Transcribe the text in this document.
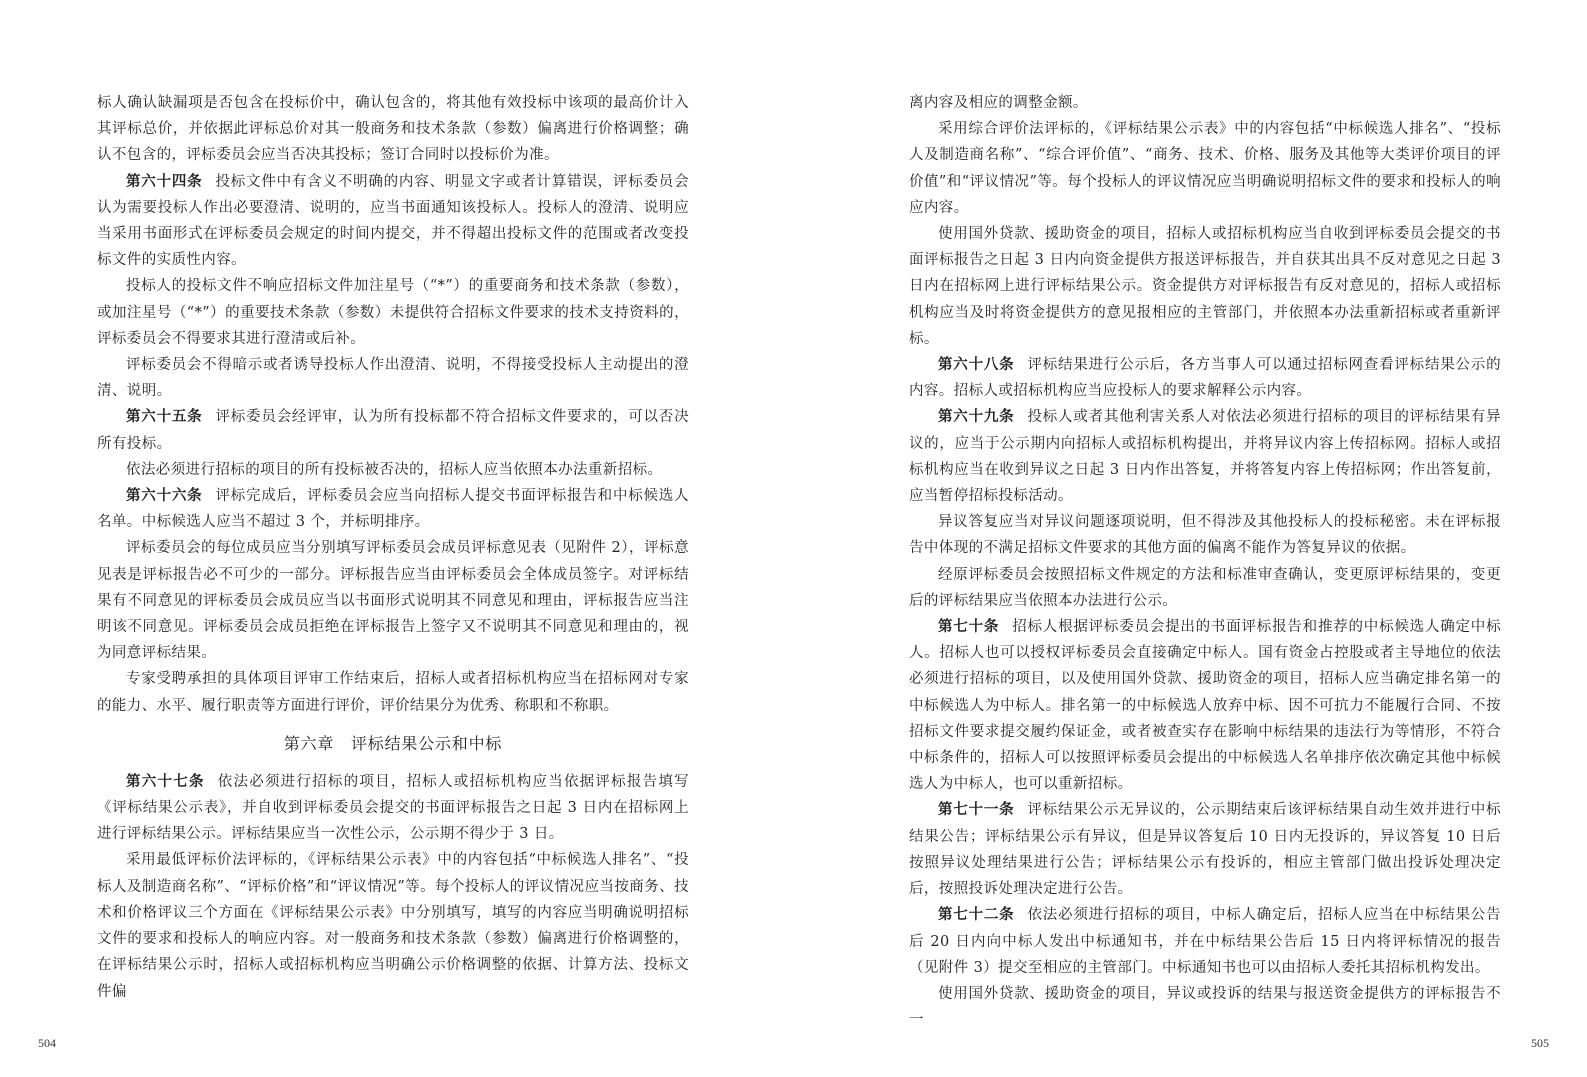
标人确认缺漏项是否包含在投标价中，确认包含的，将其他有效投标中该项的最高价计入其评标总价，并依据此评标总价对其一般商务和技术条款（参数）偏离进行价格调整；确认不包含的，评标委员会应当否决其投标；签订合同时以投标价为准。

第六十四条 投标文件中有含义不明确的内容、明显文字或者计算错误，评标委员会认为需要投标人作出必要澄清、说明的，应当书面通知该投标人。投标人的澄清、说明应当采用书面形式在评标委员会规定的时间内提交，并不得超出投标文件的范围或者改变投标文件的实质性内容。

投标人的投标文件不响应招标文件加注星号（“*”）的重要商务和技术条款（参数），或加注星号（“*”）的重要技术条款（参数）未提供符合招标文件要求的技术支持资料的，评标委员会不得要求其进行澄清或后补。

评标委员会不得暗示或者诱导投标人作出澄清、说明，不得接受投标人主动提出的澄清、说明。

第六十五条 评标委员会经评审，认为所有投标都不符合招标文件要求的，可以否决所有投标。

依法必须进行招标的项目的所有投标被否决的，招标人应当依照本办法重新招标。

第六十六条 评标完成后，评标委员会应当向招标人提交书面评标报告和中标候选人名单。中标候选人应当不超过 3 个，并标明排序。

评标委员会的每位成员应当分别填写评标委员会成员评标意见表（见附件 2），评标意见表是评标报告必不可少的一部分。评标报告应当由评标委员会全体成员签字。对评标结果有不同意见的评标委员会成员应当以书面形式说明其不同意见和理由，评标报告应当注明该不同意见。评标委员会成员拒绝在评标报告上签字又不说明其不同意见和理由的，视为同意评标结果。

专家受聘承担的具体项目评审工作结束后，招标人或者招标机构应当在招标网对专家的能力、水平、履行职责等方面进行评价，评价结果分为优秀、称职和不称职。

第六章　评标结果公示和中标

第六十七条 依法必须进行招标的项目，招标人或招标机构应当依据评标报告填写《评标结果公示表》，并自收到评标委员会提交的书面评标报告之日起 3 日内在招标网上进行评标结果公示。评标结果应当一次性公示，公示期不得少于 3 日。

采用最低评标价法评标的，《评标结果公示表》中的内容包括“中标候选人排名”、“投标人及制造商名称”、“评标价格”和“评议情况”等。每个投标人的评议情况应当按商务、技术和价格评议三个方面在《评标结果公示表》中分别填写，填写的内容应当明确说明招标文件的要求和投标人的响应内容。对一般商务和技术条款（参数）偏离进行价格调整的，在评标结果公示时，招标人或招标机构应当明确公示价格调整的依据、计算方法、投标文件偏

504

离内容及相应的调整金额。

采用综合评价法评标的，《评标结果公示表》中的内容包括“中标候选人排名”、“投标人及制造商名称”、“综合评价值”、“商务、技术、价格、服务及其他等大类评价项目的评价值”和“评议情况”等。每个投标人的评议情况应当明确说明招标文件的要求和投标人的响应内容。

使用国外贷款、援助资金的项目，招标人或招标机构应当自收到评标委员会提交的书面评标报告之日起 3 日内向资金提供方报送评标报告，并自获其出具不反对意见之日起 3 日内在招标网上进行评标结果公示。资金提供方对评标报告有反对意见的，招标人或招标机构应当及时将资金提供方的意见报相应的主管部门，并依照本办法重新招标或者重新评标。

第六十八条 评标结果进行公示后，各方当事人可以通过招标网查看评标结果公示的内容。招标人或招标机构应当应投标人的要求解释公示内容。

第六十九条 投标人或者其他利害关系人对依法必须进行招标的项目的评标结果有异议的，应当于公示期内向招标人或招标机构提出，并将异议内容上传招标网。招标人或招标机构应当在收到异议之日起 3 日内作出答复，并将答复内容上传招标网；作出答复前，应当暂停招标投标活动。

异议答复应当对异议问题逐项说明，但不得涉及其他投标人的投标秘密。未在评标报告中体现的不满足招标文件要求的其他方面的偏离不能作为答复异议的依据。

经原评标委员会按照招标文件规定的方法和标准审查确认，变更原评标结果的，变更后的评标结果应当依照本办法进行公示。

第七十条 招标人根据评标委员会提出的书面评标报告和推荐的中标候选人确定中标人。招标人也可以授权评标委员会直接确定中标人。国有资金占控股或者主导地位的依法必须进行招标的项目，以及使用国外贷款、援助资金的项目，招标人应当确定排名第一的中标候选人为中标人。排名第一的中标候选人放弃中标、因不可抗力不能履行合同、不按招标文件要求提交履约保证金，或者被查实存在影响中标结果的违法行为等情形，不符合中标条件的，招标人可以按照评标委员会提出的中标候选人名单排序依次确定其他中标候选人为中标人，也可以重新招标。

第七十一条 评标结果公示无异议的，公示期结束后该评标结果自动生效并进行中标结果公告；评标结果公示有异议，但是异议答复后 10 日内无投诉的，异议答复 10 日后按照异议处理结果进行公告；评标结果公示有投诉的，相应主管部门做出投诉处理决定后，按照投诉处理决定进行公告。

第七十二条 依法必须进行招标的项目，中标人确定后，招标人应当在中标结果公告后 20 日内向中标人发出中标通知书，并在中标结果公告后 15 日内将评标情况的报告（见附件 3）提交至相应的主管部门。中标通知书也可以由招标人委托其招标机构发出。

使用国外贷款、援助资金的项目，异议或投诉的结果与报送资金提供方的评标报告不一

505
